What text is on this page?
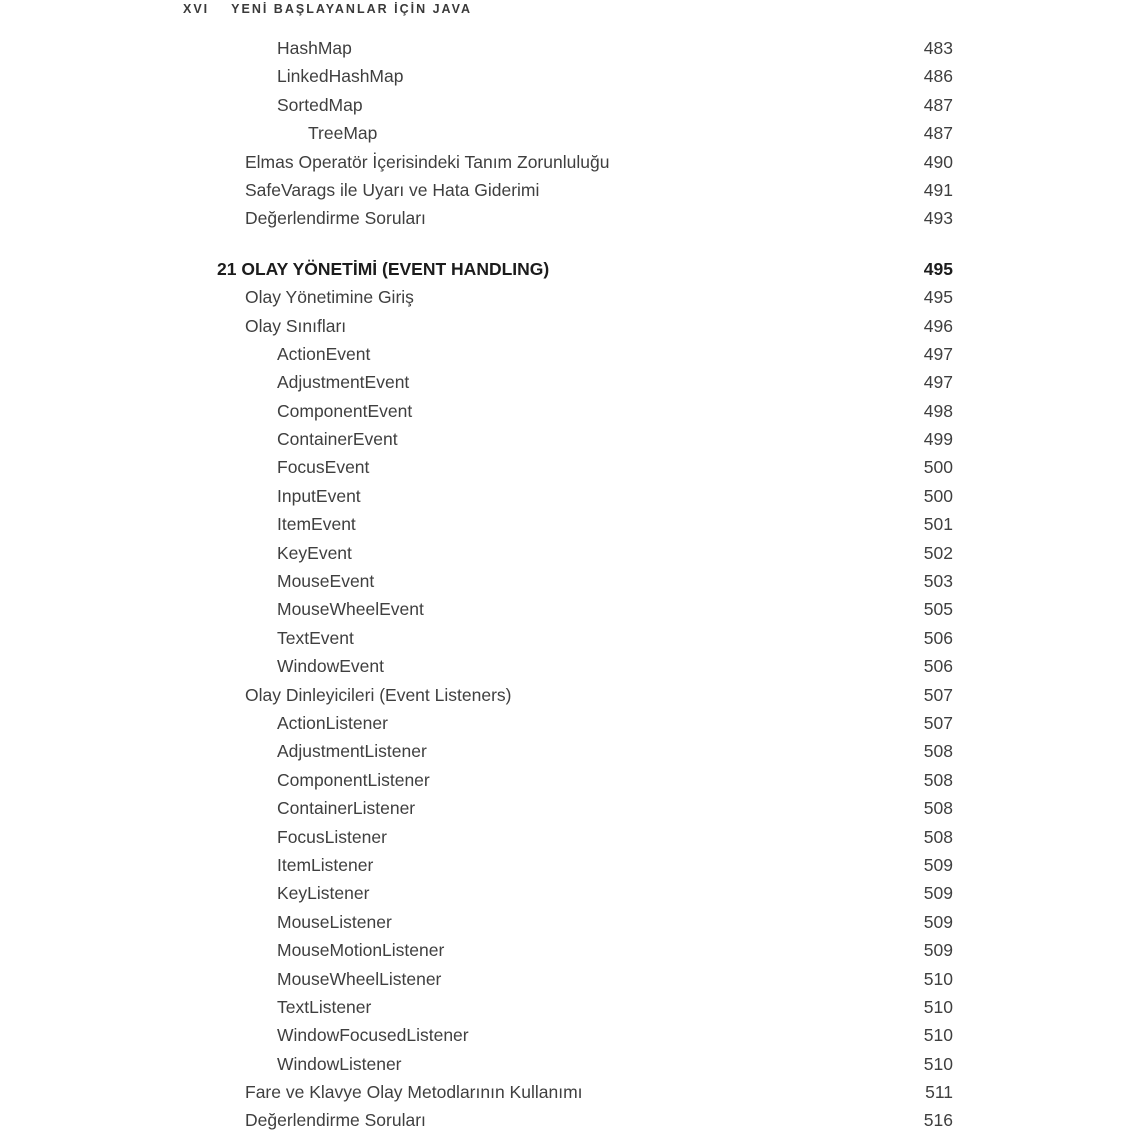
XVI YENİ BAŞLAYANLAR İÇİN JAVA
HashMap	483
LinkedHashMap	486
SortedMap	487
TreeMap	487
Elmas Operatör İçerisindeki Tanım Zorunluluğu	490
SafeVarags ile Uyarı ve Hata Giderimi	491
Değerlendirme Soruları	493
21 OLAY YÖNETİMİ (EVENT HANDLING)	495
Olay Yönetimine Giriş	495
Olay Sınıfları	496
ActionEvent	497
AdjustmentEvent	497
ComponentEvent	498
ContainerEvent	499
FocusEvent	500
InputEvent	500
ItemEvent	501
KeyEvent	502
MouseEvent	503
MouseWheelEvent	505
TextEvent	506
WindowEvent	506
Olay Dinleyicileri (Event Listeners)	507
ActionListener	507
AdjustmentListener	508
ComponentListener	508
ContainerListener	508
FocusListener	508
ItemListener	509
KeyListener	509
MouseListener	509
MouseMotionListener	509
MouseWheelListener	510
TextListener	510
WindowFocusedListener	510
WindowListener	510
Fare ve Klavye Olay Metodlarının Kullanımı	511
Değerlendirme Soruları	516
